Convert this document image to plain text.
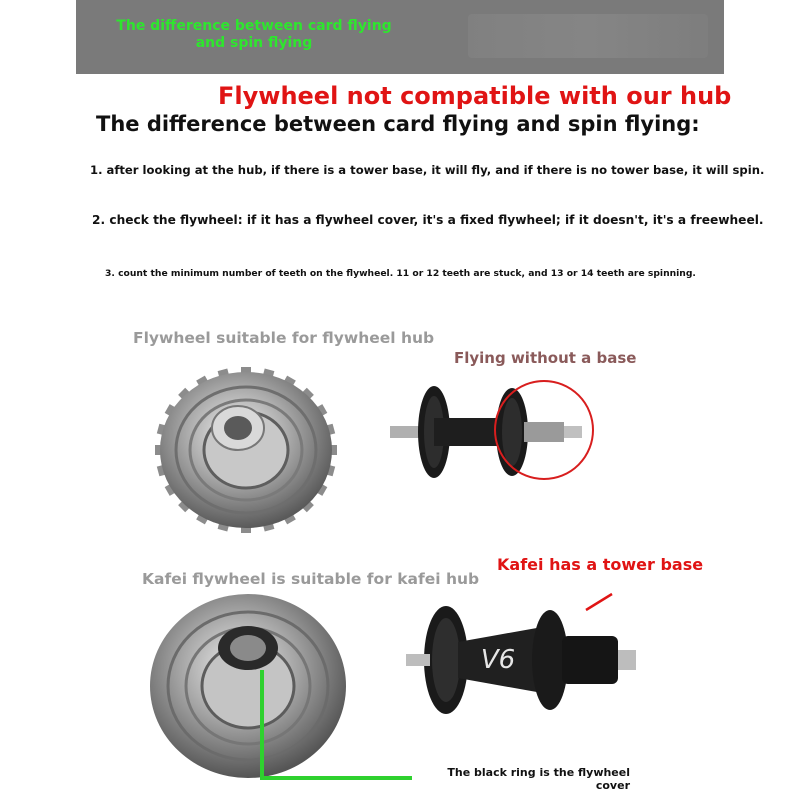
The difference between card flying and spin flying
Flywheel not compatible with our hub
The difference between card flying and spin flying:
1. after looking at the hub, if there is a tower base, it will fly, and if there is no tower base, it will spin.
2. check the flywheel: if it has a flywheel cover, it's a fixed flywheel; if it doesn't, it's a freewheel.
3. count the minimum number of teeth on the flywheel. 11 or 12 teeth are stuck, and 13 or 14 teeth are spinning.
Flywheel suitable for flywheel hub
Flying without a base
Kafei flywheel is suitable for kafei hub
Kafei has a tower base
V6
The black ring is the flywheel cover
